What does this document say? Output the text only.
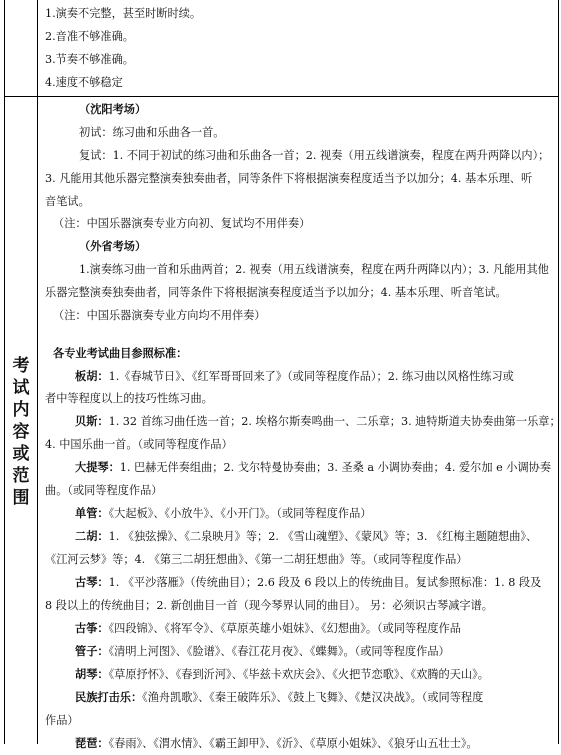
1.演奏不完整，甚至时断时续。
2.音准不够准确。
3.节奏不够准确。
4.速度不够稳定
考试内容或范围
（沈阳考场）
初试：练习曲和乐曲各一首。
复试：1. 不同于初试的练习曲和乐曲各一首；2. 视奏（用五线谱演奏，程度在两升两降以内）；
3. 凡能用其他乐器完整演奏独奏曲者，同等条件下将根据演奏程度适当予以加分；4. 基本乐理、听
音笔试。
（注：中国乐器演奏专业方向初、复试均不用伴奏）
（外省考场）
1.演奏练习曲一首和乐曲两首；2. 视奏（用五线谱演奏，程度在两升两降以内）；3. 凡能用其他
乐器完整演奏独奏曲者，同等条件下将根据演奏程度适当予以加分；4. 基本乐理、听音笔试。
（注：中国乐器演奏专业方向均不用伴奏）
各专业考试曲目参照标准：
板胡：1.《春城节日》、《红军哥哥回来了》（或同等程度作品）；2. 练习曲以风格性练习或
者中等程度以上的技巧性练习曲。
贝斯：1. 32 首练习曲任选一首；2. 埃格尔斯奏鸣曲一、二乐章；3. 迪特斯道夫协奏曲第一乐章；
4. 中国乐曲一首。（或同等程度作品）
大提琴：1. 巴赫无伴奏组曲；2. 戈尔特曼协奏曲；3. 圣桑 a 小调协奏曲；4. 爱尔加 e 小调协奏
曲。（或同等程度作品）
单管：《大起板》、《小放牛》、《小开门》。（或同等程度作品）
二胡：1. 《独弦操》、《二泉映月》等；2. 《雪山魂塑》、《蒙风》等；3. 《红梅主题随想曲》、
《江河云梦》等；4. 《第三二胡狂想曲》、《第一二胡狂想曲》等。（或同等程度作品）
古琴：1. 《平沙落雁》（传统曲目）；2.6 段及 6 段以上的传统曲目。复试参照标准：1. 8 段及
8 段以上的传统曲目；2. 新创曲目一首（现今琴界认同的曲目）。 另：必须识古琴减字谱。
古筝：《四段锦》、《将军令》、《草原英雄小姐妹》、《幻想曲》。（或同等程度作品
管子：《清明上河图》、《脸谱》、《春江花月夜》、《蝶舞》。（或同等程度作品）
胡琴：《草原抒怀》、《春到沂河》、《毕兹卡欢庆会》、《火把节恋歌》、《欢腾的天山》。
民族打击乐：《渔舟凯歌》、《秦王破阵乐》、《鼓上飞舞》、《楚汉决战》。（或同等程度
作品）
琵琶：《春雨》、《渭水情》、《霸王卸甲》、《沂》、《草原小姐妹》、《狼牙山五壮士》。
